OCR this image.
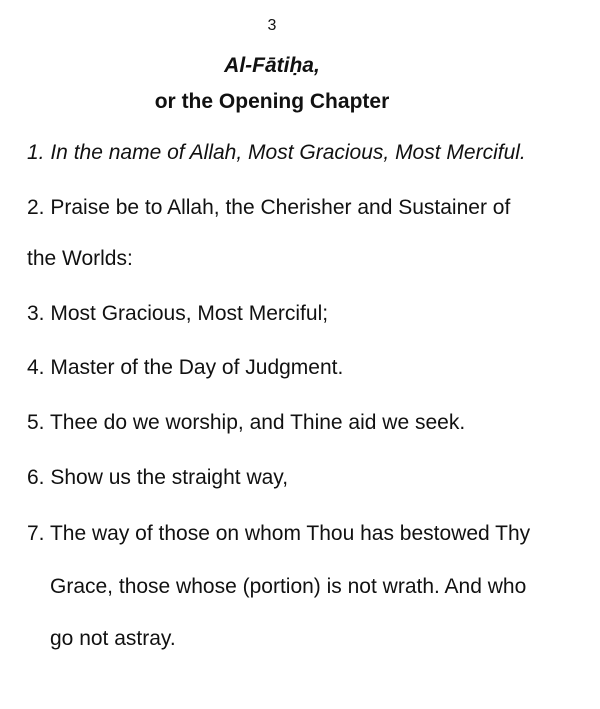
3
Al-Fātiḥa,
or the Opening Chapter
1. In the name of Allah, Most Gracious, Most Merciful.
2. Praise be to Allah, the Cherisher and Sustainer of
the Worlds:
3. Most Gracious, Most Merciful;
4. Master of the Day of Judgment.
5. Thee do we worship, and Thine aid we seek.
6. Show us the straight way,
7. The way of those on whom Thou has bestowed Thy
Grace, those whose (portion) is not wrath. And who
go not astray.
